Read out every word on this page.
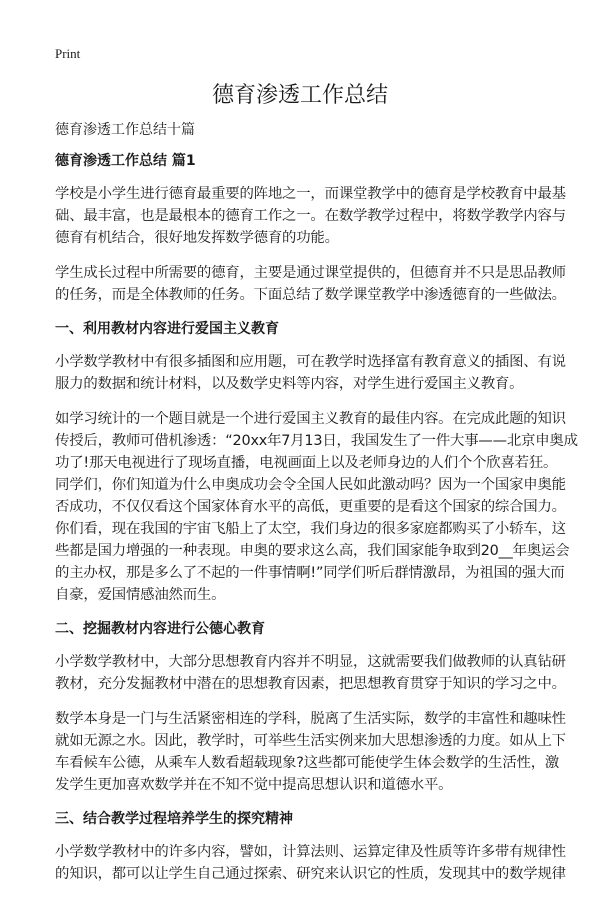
Print
德育渗透工作总结
德育渗透工作总结十篇
德育渗透工作总结 篇1
学校是小学生进行德育最重要的阵地之一，而课堂教学中的德育是学校教育中最基
础、最丰富，也是最根本的德育工作之一。在数学教学过程中，将数学教学内容与
德育有机结合，很好地发挥数学德育的功能。
学生成长过程中所需要的德育，主要是通过课堂提供的，但德育并不只是思品教师
的任务，而是全体教师的任务。下面总结了数学课堂教学中渗透德育的一些做法。
一、利用教材内容进行爱国主义教育
小学数学教材中有很多插图和应用题，可在教学时选择富有教育意义的插图、有说
服力的数据和统计材料，以及数学史料等内容，对学生进行爱国主义教育。
如学习统计的一个题目就是一个进行爱国主义教育的最佳内容。在完成此题的知识
传授后，教师可借机渗透：“20xx年7月13日，我国发生了一件大事——北京申奥成
功了!那天电视进行了现场直播，电视画面上以及老师身边的人们个个欣喜若狂。
同学们，你们知道为什么申奥成功会令全国人民如此激动吗？因为一个国家申奥能
否成功，不仅仅看这个国家体育水平的高低，更重要的是看这个国家的综合国力。
你们看，现在我国的宇宙飞船上了太空，我们身边的很多家庭都购买了小轿车，这
些都是国力增强的一种表现。申奥的要求这么高，我们国家能争取到20__年奥运会
的主办权，那是多么了不起的一件事情啊!”同学们听后群情激昂，为祖国的强大而
自豪，爱国情感油然而生。
二、挖掘教材内容进行公德心教育
小学数学教材中，大部分思想教育内容并不明显，这就需要我们做教师的认真钻研
教材，充分发掘教材中潜在的思想教育因素，把思想教育贯穿于知识的学习之中。
数学本身是一门与生活紧密相连的学科，脱离了生活实际，数学的丰富性和趣味性
就如无源之水。因此，教学时，可举些生活实例来加大思想渗透的力度。如从上下
车看候车公德，从乘车人数看超载现象?这些都可能使学生体会数学的生活性，激
发学生更加喜欢数学并在不知不觉中提高思想认识和道德水平。
三、结合教学过程培养学生的探究精神
小学数学教材中的许多内容，譬如，计算法则、运算定律及性质等许多带有规律性
的知识，都可以让学生自己通过探索、研究来认识它的性质，发现其中的数学规律
